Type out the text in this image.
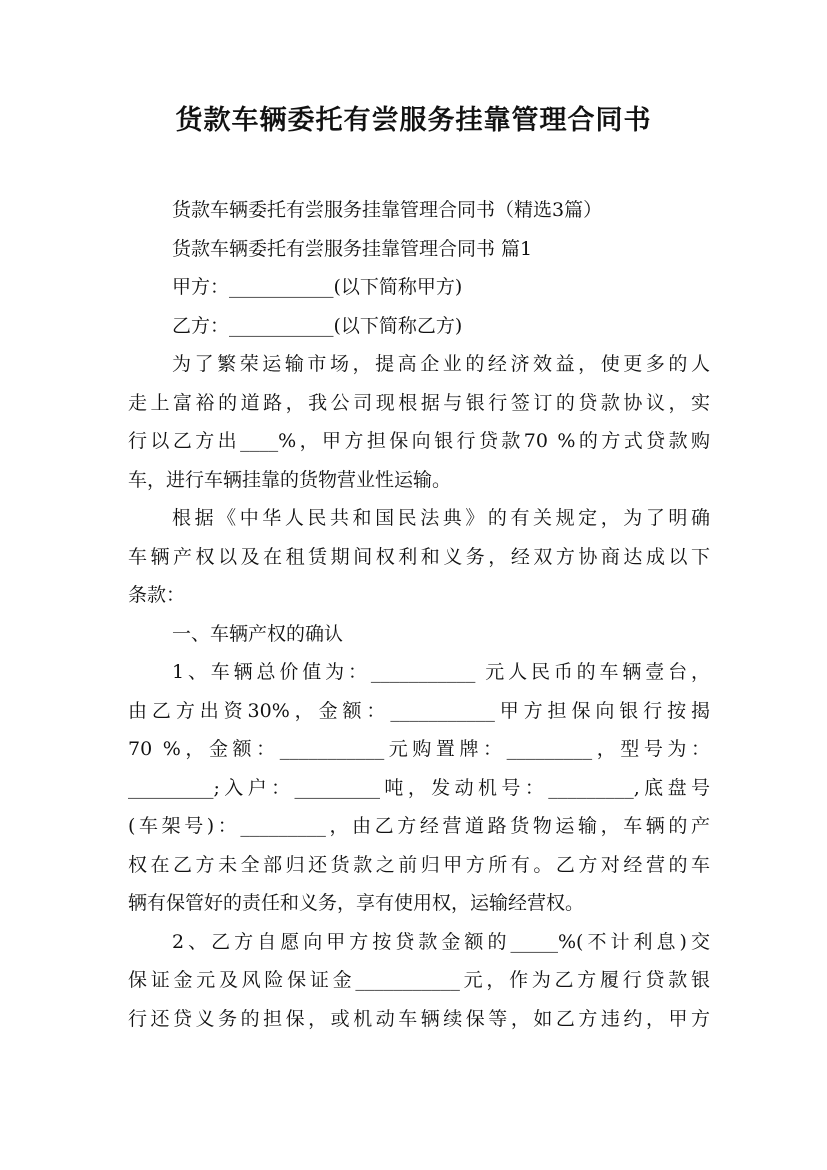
货款车辆委托有尝服务挂靠管理合同书
货款车辆委托有尝服务挂靠管理合同书（精选3篇）
货款车辆委托有尝服务挂靠管理合同书 篇1
甲方：___________(以下简称甲方)
乙方：___________(以下简称乙方)
为了繁荣运输市场，提高企业的经济效益，使更多的人
走上富裕的道路，我公司现根据与银行签订的贷款协议，实
行以乙方出____%，甲方担保向银行贷款70 %的方式贷款购
车，进行车辆挂靠的货物营业性运输。
根据《中华人民共和国民法典》的有关规定，为了明确
车辆产权以及在租赁期间权利和义务，经双方协商达成以下
条款：
一、车辆产权的确认
1、车辆总价值为：___________ 元人民币的车辆壹台，
由乙方出资30%，金额：___________甲方担保向银行按揭
70 %，金额：___________元购置牌：_________，型号为：
_________;入户：_________吨，发动机号：_________,底盘号
(车架号)：_________，由乙方经营道路货物运输，车辆的产
权在乙方未全部归还货款之前归甲方所有。乙方对经营的车
辆有保管好的责任和义务，享有使用权，运输经营权。
2、乙方自愿向甲方按贷款金额的_____%(不计利息)交
保证金元及风险保证金___________元，作为乙方履行贷款银
行还贷义务的担保，或机动车辆续保等，如乙方违约，甲方
